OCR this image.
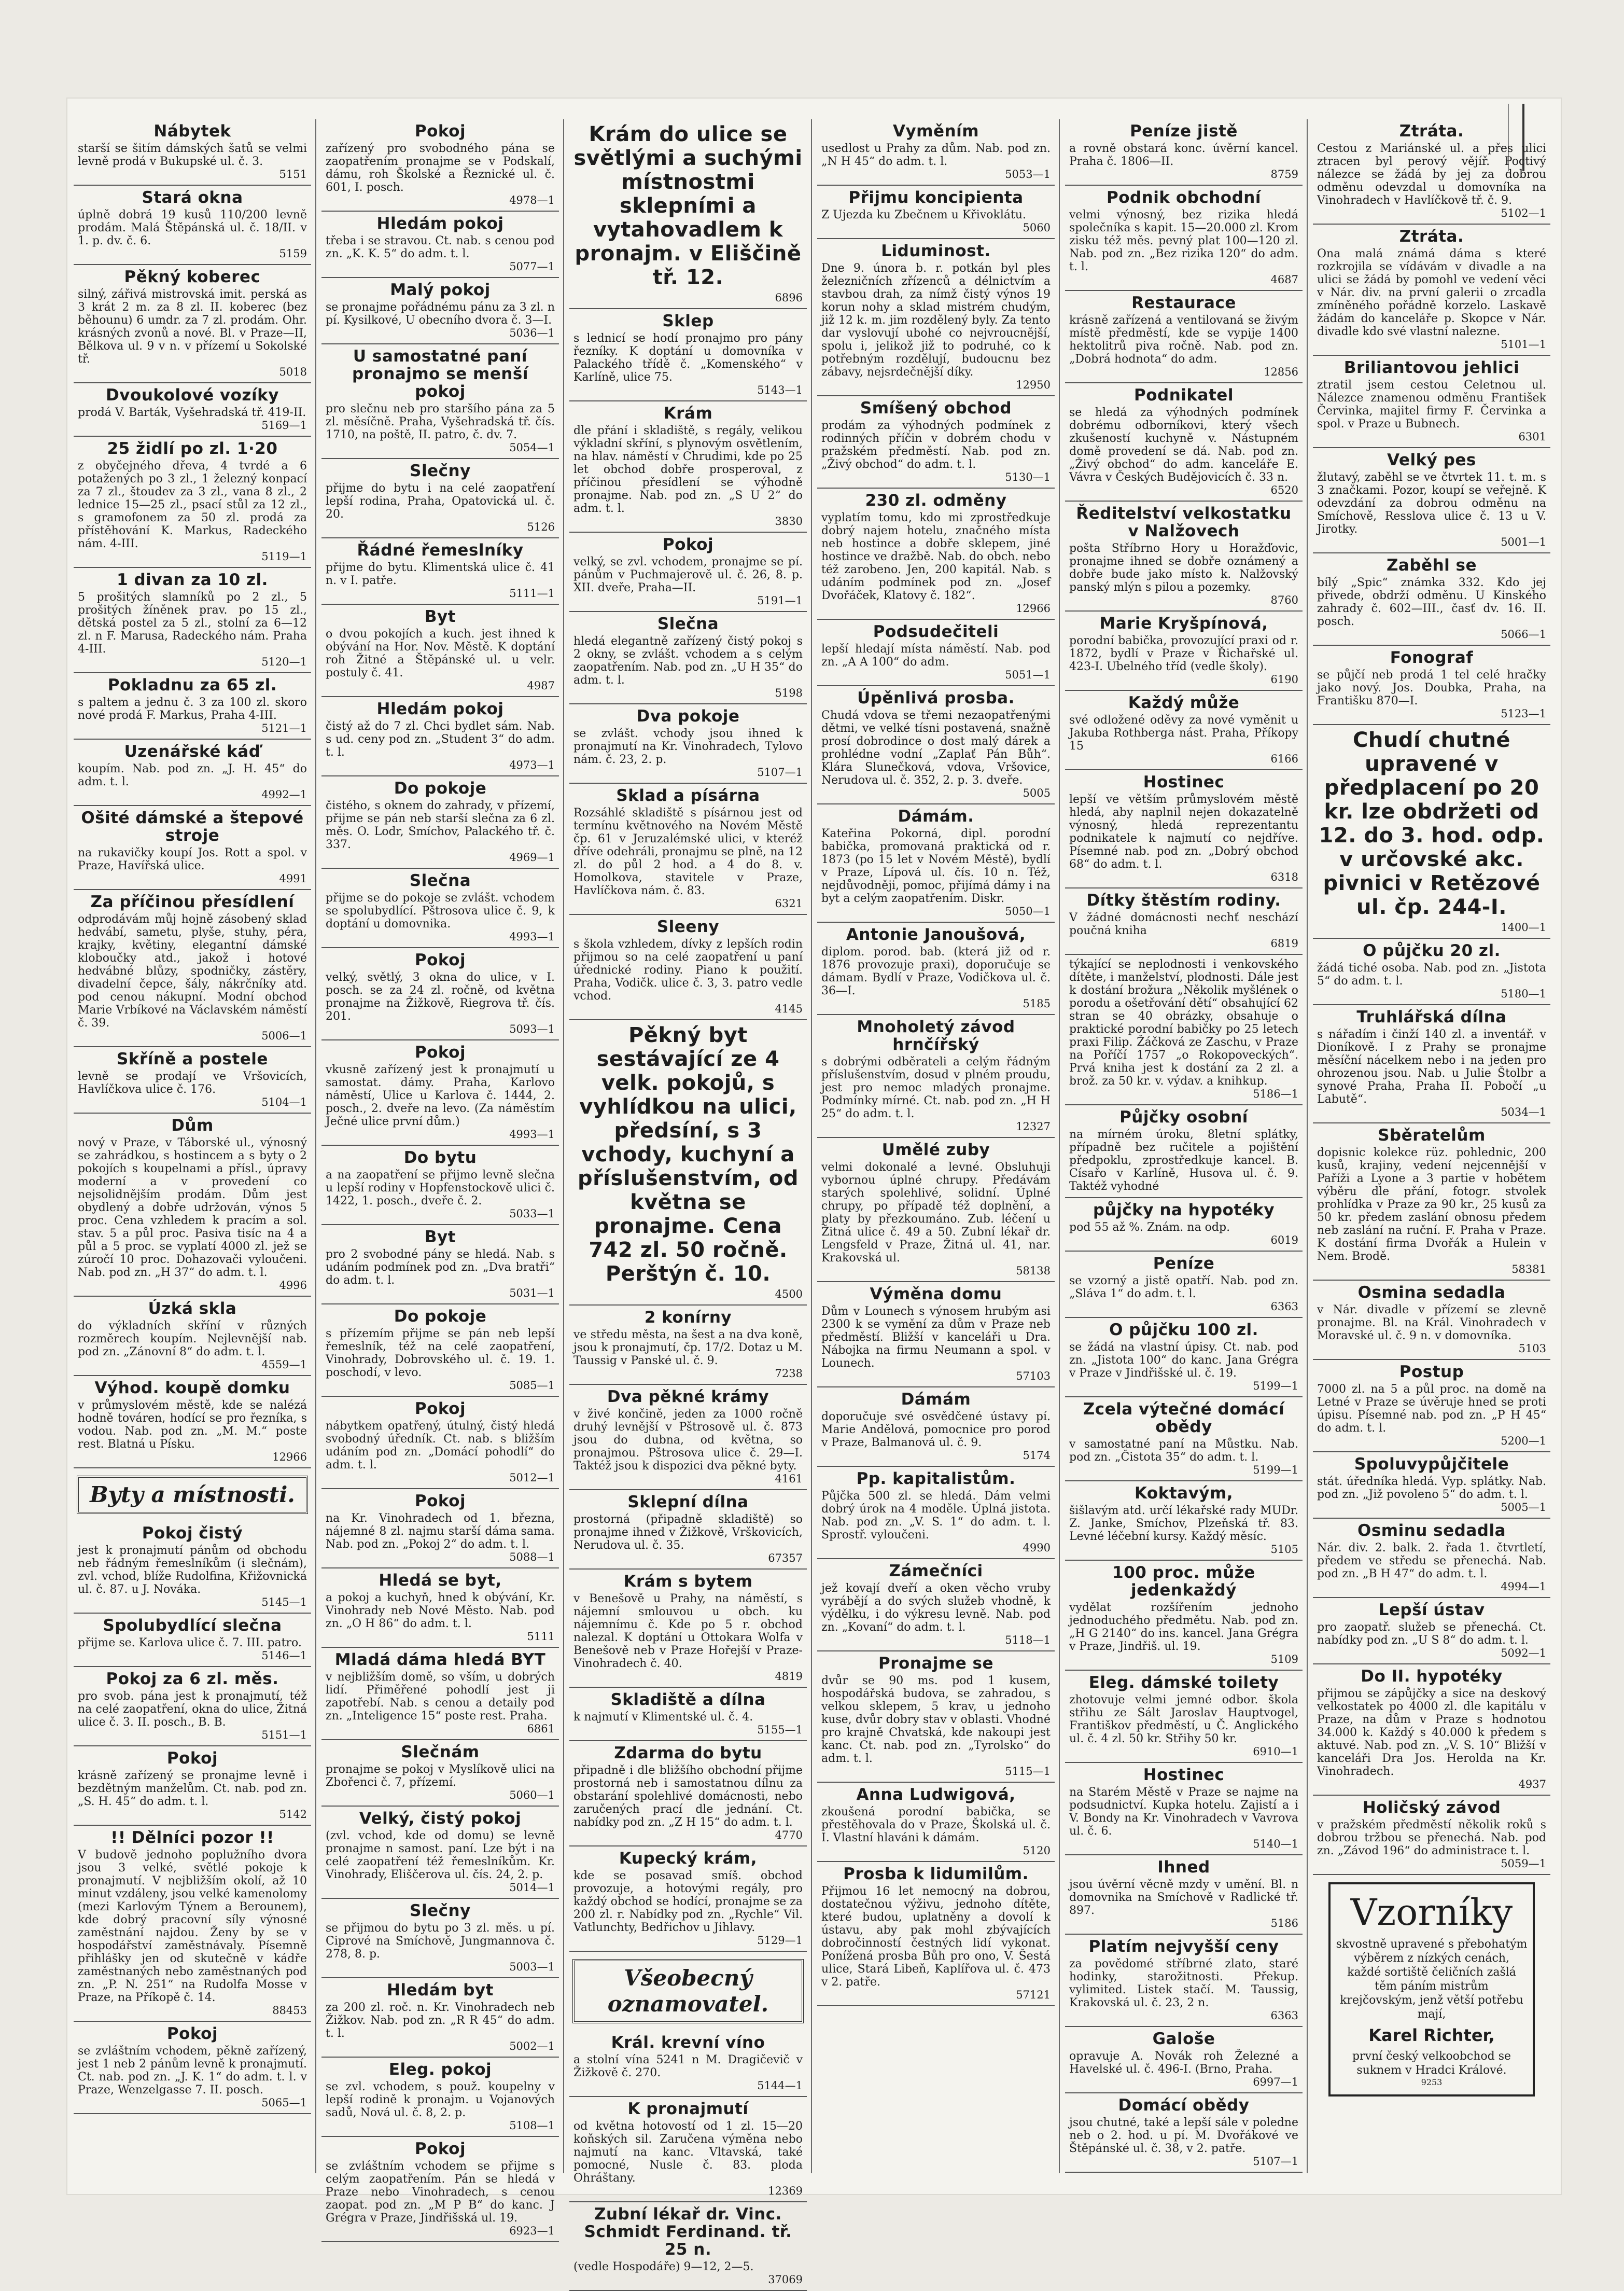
Nábytek

starší se šitím dámských šatů se velmi levně prodá v Bukupské ul. č. 3.

5151
Stará okna

úplně dobrá 19 kusů 110/200 levně prodám. Malá Štěpánská ul. č. 18/II. v 1. p. dv. č. 6.

5159
Pěkný koberec

silný, zářivá mistrovská imit. perská as 3 krát 2 m. za 8 zl. II. koberec (bez běhounu) 6 umdr. za 7 zl. prodám. Ohr. krásných zvonů a nové. Bl. v Praze—II, Bělkova ul. 9 v n. v přízemí u Sokolské tř.

5018
Dvoukolové vozíky

prodá V. Barták, Vyšehradská tř. 419-II.

5169—1
25 židlí po zl. 1·20

z obyčejného dřeva, 4 tvrdé a 6 potažených po 3 zl., 1 železný konpací za 7 zl., štoudev za 3 zl., vana 8 zl., 2 lednice 15—25 zl., psací stůl za 12 zl., s gramofonem za 50 zl. prodá za přístěhování K. Markus, Radeckého nám. 4-III.

5119—1
1 divan za 10 zl.

5 prošitých slamníků po 2 zl., 5 prošitých žíněnek prav. po 15 zl., dětská postel za 5 zl., stolní za 6—12 zl. n F. Marusa, Radeckého nám. Praha 4-III.

5120—1
Pokladnu za 65 zl.

s paltem a jednu č. 3 za 100 zl. skoro nové prodá F. Markus, Praha 4-III.

5121—1
Uzenářské káď

koupím. Nab. pod zn. „J. H. 45“ do adm. t. l.

4992—1
Ošité dámské a štepové stroje

na rukavičky koupí Jos. Rott a spol. v Praze, Havířská ulice.

4991
Za příčinou přesídlení

odprodávám můj hojně zásobený sklad hedvábí, sametu, plyše, stuhy, péra, krajky, květiny, elegantní dámské kloboučky atd., jakož i hotové hedvábné blůzy, spodničky, zástěry, divadelní čepce, šály, nákrčníky atd. pod cenou nákupní. Modní obchod Marie Vrbíkové na Václavském náměstí č. 39.

5006—1
Skříně a postele

levně se prodají ve Vršovicích, Havlíčkova ulice č. 176.

5104—1
Dům

nový v Praze, v Táborské ul., výnosný se zahrádkou, s hostincem a s byty o 2 pokojích s koupelnami a přísl., úpravy moderní a v provedení co nejsolidnějším prodám. Dům jest obydlený a dobře udržován, výnos 5 proc. Cena vzhledem k pracím a sol. stav. 5 a půl proc. Pasiva tisíc na 4 a půl a 5 proc. se vyplatí 4000 zl. jež se zúročí 10 proc. Dohazovači vyloučeni. Nab. pod zn. „H 37“ do adm. t. l.

4996
Úzká skla

do výkladních skříní v různých rozměrech koupím. Nejlevnější nab. pod zn. „Zánovní 8“ do adm. t. l.

4559—1
Výhod. koupě domku

v průmyslovém městě, kde se nalézá hodně továren, hodící se pro řezníka, s vodou. Nab. pod zn. „M. M.“ poste rest. Blatná u Písku.

12966
Byty a místnosti.
Pokoj čistý

jest k pronajmutí pánům od obchodu neb řádným řemeslníkům (i slečnám), zvl. vchod, blíže Rudolfina, Křižovnická ul. č. 87. u J. Nováka.

5145—1
Spolubydlící slečna

přijme se. Karlova ulice č. 7. III. patro.

5146—1
Pokoj za 6 zl. měs.

pro svob. pána jest k pronajmutí, též na celé zaopatření, okna do ulice, Žitná ulice č. 3. II. posch., B. B.

5151—1
Pokoj

krásně zařízený se pronajme levně i bezdětným manželům. Ct. nab. pod zn. „S. H. 45“ do adm. t. l.

5142
!! Dělníci pozor !!

V budově jednoho poplužního dvora jsou 3 velké, světlé pokoje k pronajmutí. V nejbližším okolí, až 10 minut vzdáleny, jsou velké kamenolomy (mezi Karlovým Týnem a Berounem), kde dobrý pracovní síly výnosné zaměstnání najdou. Ženy by se v hospodářství zaměstnávaly. Písemně přihlášky jen od skutečně v kádře zaměstnaných nebo zaměstnaných pod zn. „P. N. 251“ na Rudolfa Mosse v Praze, na Příkopě č. 14.

88453
Pokoj

se zvláštním vchodem, pěkně zařízený, jest 1 neb 2 pánům levně k pronajmutí. Ct. nab. pod zn. „J. K. 1“ do adm. t. l. v Praze, Wenzelgasse 7. II. posch.

5065—1
Pokoj

zařízený pro svobodného pána se zaopatřením pronajme se v Podskalí, dámu, roh Školské a Řeznické ul. č. 601, I. posch.

4978—1
Hledám pokoj

třeba i se stravou. Ct. nab. s cenou pod zn. „K. K. 5“ do adm. t. l.

5077—1
Malý pokoj

se pronajme pořádnému pánu za 3 zl. n pí. Kysilkové, U obecního dvora č. 3—I.

5036—1
U samostatné paní pronajmo se menší pokoj

pro slečnu neb pro staršího pána za 5 zl. měsíčně. Praha, Vyšehradská tř. čís. 1710, na poště, II. patro, č. dv. 7.

5054—1
Slečny

přijme do bytu i na celé zaopatření lepší rodina, Praha, Opatovická ul. č. 20.

5126
Řádné řemeslníky

přijme do bytu. Klimentská ulice č. 41 n. v I. patře.

5111—1
Byt

o dvou pokojích a kuch. jest ihned k obývání na Hor. Nov. Městě. K doptání roh Žitné a Štěpánské ul. u velr. postuly č. 41.

4987
Hledám pokoj

čistý až do 7 zl. Chci bydlet sám. Nab. s ud. ceny pod zn. „Student 3“ do adm. t. l.

4973—1
Do pokoje

čistého, s oknem do zahrady, v přízemí, přijme se pán neb starší slečna za 6 zl. měs. O. Lodr, Smíchov, Palackého tř. č. 337.

4969—1
Slečna

přijme se do pokoje se zvlášt. vchodem se spolubydlící. Pštrosova ulice č. 9, k doptání u domovnika.

4993—1
Pokoj

velký, světlý, 3 okna do ulice, v I. posch. se za 24 zl. ročně, od května pronajme na Žižkově, Riegrova tř. čís. 201.

5093—1
Pokoj

vkusně zařízený jest k pronajmutí u samostat. dámy. Praha, Karlovo náměstí, Ulice u Karlova č. 1444, 2. posch., 2. dveře na levo. (Za náměstím Ječné ulice první dům.)

4993—1
Do bytu

a na zaopatření se přijmo levně slečna u lepší rodiny v Hopfenstockově ulici č. 1422, 1. posch., dveře č. 2.

5033—1
Byt

pro 2 svobodné pány se hledá. Nab. s udáním podmínek pod zn. „Dva bratři“ do adm. t. l.

5031—1
Do pokoje

s přízemím přijme se pán neb lepší řemeslník, též na celé zaopatření, Vinohrady, Dobrovského ul. č. 19. 1. poschodí, v levo.

5085—1
Pokoj

nábytkem opatřený, útulný, čistý hledá svobodný úředník. Ct. nab. s bližším udáním pod zn. „Domácí pohodlí“ do adm. t. l.

5012—1
Pokoj

na Kr. Vinohradech od 1. března, nájemné 8 zl. najmu starší dáma sama. Nab. pod zn. „Pokoj 2“ do adm. t. l.

5088—1
Hledá se byt,

a pokoj a kuchyň, hned k obývání, Kr. Vinohrady neb Nové Město. Nab. pod zn. „O H 86“ do adm. t. l.

5111
Mladá dáma hledá BYT

v nejbližším domě, so vším, u dobrých lidí. Přiměřené pohodlí jest ji zapotřebí. Nab. s cenou a detaily pod zn. „Inteligence 15“ poste rest. Praha.

6861
Slečnám

pronajme se pokoj v Myslíkově ulici na Zbořenci č. 7, přízemí.

5060—1
Velký, čistý pokoj

(zvl. vchod, kde od domu) se levně pronajme n samost. paní. Lze být i na celé zaopatření též řemeslníkům. Kr. Vinohrady, Eliščerova ul. čís. 24, 2. p.

5014—1
Slečny

se přijmou do bytu po 3 zl. měs. u pí. Ciprové na Smíchově, Jungmannova č. 278, 8. p.

5003—1
Hledám byt

za 200 zl. roč. n. Kr. Vinohradech neb Žižkov. Nab. pod zn. „R R 45“ do adm. t. l.

5002—1
Eleg. pokoj

se zvl. vchodem, s použ. koupelny v lepší rodině k pronajm. u Vojanových sadů, Nová ul. č. 8, 2. p.

5108—1
Pokoj

se zvláštním vchodem se přijme s celým zaopatřením. Pán se hledá v Praze nebo Vinohradech, s cenou zaopat. pod zn. „M P B“ do kanc. J Grégra v Praze, Jindřišská ul. 19.

6923—1
Krám do ulice se světlými a suchými místnostmi sklepními a vytahovadlem k pronajm. v Eliščině tř. 12.
6896
Sklep

s lednicí se hodí pronajmo pro pány řezníky. K doptání u domovníka v Palackého třídě č. „Komenského“ v Karlíně, ulice 75.

5143—1
Krám

dle přání i skladiště, s regály, velikou výkladní skříní, s plynovým osvětlením, na hlav. náměstí v Chrudimi, kde po 25 let obchod dobře prosperoval, z příčinou přesídlení se výhodně pronajme. Nab. pod zn. „S U 2“ do adm. t. l.

3830
Pokoj

velký, se zvl. vchodem, pronajme se pí. pánům v Puchmajerově ul. č. 26, 8. p. XII. dveře, Praha—II.

5191—1
Slečna

hledá elegantně zařízený čistý pokoj s 2 okny, se zvlášt. vchodem a s celým zaopatřením. Nab. pod zn. „U H 35“ do adm. t. l.

5198
Dva pokoje

se zvlášt. vchody jsou ihned k pronajmutí na Kr. Vinohradech, Tylovo nám. č. 23, 2. p.

5107—1
Sklad a písárna

Rozsáhlé skladiště s písárnou jest od termínu květnového na Novém Městě čp. 61 v Jeruzalémské ulici, v kteréž dříve odehráli, pronajmu se plně, na 12 zl. do půl 2 hod. a 4 do 8. v. Homolkova, stavitele v Praze, Havlíčkova nám. č. 83.

6321
Sleeny

s škola vzhledem, dívky z lepších rodin přijmou so na celé zaopatření u paní úřednické rodiny. Piano k použití. Praha, Vodičk. ulice č. 3, 3. patro vedle vchod.

4145
Pěkný byt sestávající ze 4 velk. pokojů, s vyhlídkou na ulici, předsíní, s 3 vchody, kuchyní a příslušenstvím, od května se pronajme. Cena 742 zl. 50 ročně. Perštýn č. 10.
4500
2 konírny

ve středu města, na šest a na dva koně, jsou k pronajmutí, čp. 17/2. Dotaz u M. Taussig v Panské ul. č. 9.

7238
Dva pěkné krámy

v živé končině, jeden za 1000 ročně druhý levnější v Pštrosově ul. č. 873 jsou do dubna, od května, so pronajmou. Pštrosova ulice č. 29—I. Taktéž jsou k dispozici dva pěkné byty.

4161
Sklepní dílna

prostorná (připadně skladiště) so pronajme ihned v Žižkově, Vrškovicích, Nerudova ul. č. 35.

67357
Krám s bytem

v Benešově u Prahy, na náměstí, s nájemní smlouvou u obch. ku nájemnímu č. Kde po 5 r. obchod nalezal. K doptání u Ottokara Wolfa v Benešově neb v Praze Hořejší v Praze-Vinohradech č. 40.

4819
Skladiště a dílna

k najmutí v Klimentské ul. č. 4.

5155—1
Zdarma do bytu

připadně i dle bližšího obchodní přijme prostorná neb i samostatnou dílnu za obstarání spolehlivé domácnosti, nebo zaručených prací dle jednání. Ct. nabídky pod zn. „Z H 15“ do adm. t. l.

4770
Kupecký krám,

kde se posavad smíš. obchod provozuje, a hotovými regály, pro každý obchod se hodící, pronajme se za 200 zl. r. Nabídky pod zn. „Rychle“ Vil. Vatlunchty, Bedřichov u Jihlavy.

5129—1
Všeobecný oznamovatel.
Král. krevní víno

a stolní vína 5241 n M. Dragičevič v Žižkově č. 270.

5144—1
K pronajmutí

od května hotovostí od 1 zl. 15—20 koňských sil. Zaručena výměna nebo najmutí na kanc. Vltavská, také pomocné, Nusle č. 83. ploda Ohráštany.

12369
Zubní lékař dr. Vinc. Schmidt Ferdinand. tř. 25 n.

(vedle Hospodáře) 9—12, 2—5.

37069
Vyměním

usedlost u Prahy za dům. Nab. pod zn. „N H 45“ do adm. t. l.

5053—1
Přijmu koncipienta

Z Ujezda ku Zbečnem u Křivoklátu.

5060
Liduminost.

Dne 9. února b. r. potkán byl ples železničních zřízenců a délnictvím a stavbou drah, za nímž čistý výnos 19 korun nohy a sklad mistrém chudým, již 12 k. m. jim rozdělený byly. Za tento dar vyslovují ubohé co nejvroucnější, spolu i, jelikož již to podruhé, co k potřebným rozdělují, budoucnu bez zábavy, nejsrdečnější díky.

12950
Smíšený obchod

prodám za výhodných podmínek z rodinných příčin v dobrém chodu v pražském předměstí. Nab. pod zn. „Živý obchod“ do adm. t. l.

5130—1
230 zl. odměny

vyplatím tomu, kdo mi zprostředkuje dobrý najem hotelu, značného místa neb hostince a dobře sklepem, jiné hostince ve dražbě. Nab. do obch. nebo též zarobeno. Jen, 200 kapitál. Nab. s udáním podmínek pod zn. „Josef Dvořáček, Klatovy č. 182“.

12966
Podsudečiteli

lepší hledají místa náměstí. Nab. pod zn. „A A 100“ do adm.

5051—1
Úpěnlivá prosba.

Chudá vdova se třemi nezaopatřenými dětmi, ve velké tísni postavená, snažně prosí dobrodince o dost malý dárek a prohlédne vodní „Zaplať Pán Bůh“. Klára Slunečková, vdova, Vršovice, Nerudova ul. č. 352, 2. p. 3. dveře.

5005
Dámám.

Kateřina Pokorná, dipl. porodní babička, promovaná praktická od r. 1873 (po 15 let v Novém Městě), bydlí v Praze, Lípová ul. čís. 10 n. Též, nejdůvodněji, pomoc, přijímá dámy i na byt a celým zaopatřením. Diskr.

5050—1
Antonie Janoušová,

diplom. porod. bab. (která již od r. 1876 provozuje praxi), doporučuje se dámam. Bydlí v Praze, Vodičkova ul. č. 36—I.

5185
Mnoholetý závod hrnčířský

s dobrými odběrateli a celým řádným příslušenstvím, dosud v plném proudu, jest pro nemoc mladých pronajme. Podmínky mírné. Ct. nab. pod zn. „H H 25“ do adm. t. l.

12327
Umělé zuby

velmi dokonalé a levné. Obsluhuji vybornou úplné chrupy. Předávám starých spolehlivé, solidní. Úplné chrupy, po případě též doplnění, a platy by přezkoumáno. Zub. léčení u Žitná ulice č. 49 a 50. Zubní lékař dr. Lengsfeld v Praze, Žitná ul. 41, nar. Krakovská ul.

58138
Výměna domu

Dům v Lounech s výnosem hrubým asi 2300 k se vymění za dům v Praze neb předměstí. Bližší v kanceláři u Dra. Nábojka na firmu Neumann a spol. v Lounech.

57103
Dámám

doporučuje své osvědčené ústavy pí. Marie Andělová, pomocnice pro porod v Praze, Balmanová ul. č. 9.

5174
Pp. kapitalistům.

Půjčka 500 zl. se hledá. Dám velmi dobrý úrok na 4 moděle. Úplná jistota. Nab. pod zn. „V. S. 1“ do adm. t. l. Sprostř. vyloučeni.

4990
Zámečníci

jež kovají dveří a oken věcho vruby vyrábějí a do svých služeb vhodně, k výdělku, i do výkresu levně. Nab. pod zn. „Kovaní“ do adm. t. l.

5118—1
Pronajme se

dvůr se 90 ms. pod 1 kusem, hospodářská budova, se zahradou, s velkou sklepem, 5 krav, u jednoho kuse, dvůr dobry stav v oblasti. Vhodné pro krajně Chvatská, kde nakoupi jest kanc. Ct. nab. pod zn. „Tyrolsko“ do adm. t. l.

5115—1
Anna Ludwigová,

zkoušená porodní babička, se přestěhovala do v Praze, Školská ul. č. I. Vlastní hlaváni k dámám.

5120
Prosba k lidumilům.

Přijmou 16 let nemocný na dobrou, dostatečnou výživu, jednoho dítěte, které budou, uplatněny a dovolí k ústavu, aby pak mohl zbývajících dobročinností čestných lidí vykonat. Ponížená prosba Bůh pro ono, V. Šestá ulice, Stará Libeň, Kaplířova ul. č. 473 v 2. patře.

57121
Peníze jistě

a rovně obstará konc. úvěrní kancel. Praha č. 1806—II.

8759
Podnik obchodní

velmi výnosný, bez rizika hledá společníka s kapit. 15—20.000 zl. Krom zisku též měs. pevný plat 100—120 zl. Nab. pod zn. „Bez rizika 120“ do adm. t. l.

4687
Restaurace

krásně zařízená a ventilovaná se živým místě předměstí, kde se vypije 1400 hektolitrů piva ročně. Nab. pod zn. „Dobrá hodnota“ do adm.

12856
Podnikatel

se hledá za výhodných podmínek dobrému odborníkovi, který všech zkušeností kuchyně v. Nástupném domě provedení se dá. Nab. pod zn. „Živý obchod“ do adm. kanceláře E. Vávra v Českých Budějovicích č. 33 n.

6520
Ředitelství velkostatku v Nalžovech

pošta Stříbrno Hory u Horažďovic, pronajme ihned se dobře oznámený a dobře bude jako místo k. Nalžovský panský mlýn s pilou a pozemky.

8760
Marie Kryšpínová,

porodní babička, provozující praxi od r. 1872, bydlí v Praze v Řichařské ul. 423-I. Ubelného tříd (vedle školy).

6190
Každý může

své odložené oděvy za nové vyměnit u Jakuba Rothberga nást. Praha, Příkopy 15

6166
Hostinec

lepší ve větším průmyslovém městě hledá, aby naplnil nejen dokazatelně výnosný, hledá reprezentantu podnikatele k najmutí co nejdříve. Písemné nab. pod zn. „Dobrý obchod 68“ do adm. t. l.

6318
Dítky štěstím rodiny.

V žádné domácnosti nechť neschází poučná kniha

6819

týkající se neplodnosti i venkovského dítěte, i manželství, plodnosti. Dále jest k dostání brožura „Několik myšlének o porodu a ošetřování dětí“ obsahující 62 stran se 40 obrázky, obsahuje o praktické porodní babičky po 25 letech praxi Filip. Žáčková ze Zaschu, v Praze na Poříčí 1757 „o Rokopoveckých“. Prvá kniha jest k dostání za 2 zl. a brož. za 50 kr. v. výdav. a knihkup.

5186—1
Půjčky osobní

na mírném úroku, 8letní splátky, případně bez ručitele a pojištění předpoklu, zprostředkuje kancel. B. Císařo v Karlíně, Husova ul. č. 9. Taktéž vyhodné

půjčky na hypotéky

pod 55 až %. Znám. na odp.

6019
Peníze

se vzorný a jistě opatří. Nab. pod zn. „Sláva 1“ do adm. t. l.

6363
O půjčku 100 zl.

se žádá na vlastní úpisy. Ct. nab. pod zn. „Jistota 100“ do kanc. Jana Grégra v Praze v Jindřišské ul. č. 19.

5199—1
Zcela výtečné domácí obědy

v samostatné paní na Můstku. Nab. pod zn. „Čistota 35“ do adm. t. l.

5199—1
Koktavým,

šišlavým atd. určí lékařské rady MUDr. Z. Janke, Smíchov, Plzeňská tř. 83. Levné léčební kursy. Každý měsíc.

5105
100 proc. může jedenkaždý

vydělat rozšířením jednoho jednoduchého předmětu. Nab. pod zn. „H G 2140“ do ins. kancel. Jana Grégra v Praze, Jindřiš. ul. 19.

5109
Eleg. dámské toilety

zhotovuje velmi jemné odbor. škola střihu ze Sált Jaroslav Hauptvogel, Františkov předměstí, u Č. Anglického ul. č. 4 zl. 50 kr. Střihy 50 kr.

6910—1
Hostinec

na Starém Městě v Praze se najme na podsudnictví. Kupka hotelu. Zajistí a i V. Bondy na Kr. Vinohradech v Vavrova ul. č. 6.

5140—1
Ihned

jsou úvěrní věcně mzdy v umění. Bl. n domovnika na Smíchově v Radlické tř. 897.

5186
Platím nejvyšší ceny

za povědomé stříbrné zlato, staré hodinky, starožitnosti. Překup. vylimited. Listek stačí. M. Taussig, Krakovská ul. č. 23, 2 n.

6363
Galoše

opravuje A. Novák roh Železné a Havelské ul. č. 496-I. (Brno, Praha.

6997—1
Domácí obědy

jsou chutné, také a lepší sále v poledne neb o 2. hod. u pí. M. Dvořákové ve Štěpánské ul. č. 38, v 2. patře.

5107—1
Ztráta.

Cestou z Mariánské ul. a přes ulici ztracen byl perový vějíř. Poctivý nálezce se žádá by jej za dobrou odměnu odevzdal u domovníka na Vinohradech v Havlíčkově tř. č. 9.

5102—1
Ztráta.

Ona malá známá dáma s které rozkrojila se vídávám v divadle a na ulici se žádá by pomohl ve vedení věci v Nár. div. na první galerii o zrcadla zmíněného pořádně korzelo. Laskavě žádám do kanceláře p. Skopce v Nár. divadle kdo své vlastní nalezne.

5101—1
Briliantovou jehlici

ztratil jsem cestou Celetnou ul. Nálezce znamenou odměnu František Červinka, majitel firmy F. Červinka a spol. v Praze u Bubnech.

6301
Velký pes

žlutavý, zaběhl se ve čtvrtek 11. t. m. s 3 značkami. Pozor, koupí se veřejně. K odevzdání za dobrou odměnu na Smíchově, Resslova ulice č. 13 u V. Jirotky.

5001—1
Zaběhl se

bílý „Spic“ známka 332. Kdo jej přivede, obdrží odměnu. U Kinského zahrady č. 602—III., časť dv. 16. II. posch.

5066—1
Fonograf

se půjčí neb prodá 1 tel celé hračky jako nový. Jos. Doubka, Praha, na Františku 870—I.

5123—1
Chudí chutné upravené v předplacení po 20 kr. lze obdržeti od 12. do 3. hod. odp. v určovské akc. pivnici v Retězové ul. čp. 244-I.
1400—1
O půjčku 20 zl.

žádá tiché osoba. Nab. pod zn. „Jistota 5“ do adm. t. l.

5180—1
Truhlářská dílna

s nářadím i činží 140 zl. a inventář. v Dioníkově. I z Prahy se pronajme měsíční nácelkem nebo i na jeden pro ohrozenou jsou. Nab. u Julie Štolbr a synové Praha, Praha II. Pobočí „u Labutě“.

5034—1
Sběratelům

dopisnic kolekce rüz. pohlednic, 200 kusů, krajiny, vedení nejcennější v Paříži a Lyone a 3 partie v hobětem výběru dle přání, fotogr. stvolek prohlídka v Praze za 90 kr., 25 kusů za 50 kr. předem zaslání obnosu předem neb zaslání na ruční. F. Praha v Praze. K dostání firma Dvořák a Hulein v Nem. Brodě.

58381
Osmina sedadla

v Nár. divadle v přízemí se zlevně pronajme. Bl. na Král. Vinohradech v Moravské ul. č. 9 n. v domovníka.

5103
Postup

7000 zl. na 5 a půl proc. na domě na Letné v Praze se úvěruje hned se proti úpisu. Písemné nab. pod zn. „P H 45“ do adm. t. l.

5200—1
Spoluvypůjčitele

stát. úředníka hledá. Vyp. splátky. Nab. pod zn. „Již povoleno 5“ do adm. t. l.

5005—1
Osminu sedadla

Nár. div. 2. balk. 2. řada 1. čtvrtletí, předem ve středu se přenechá. Nab. pod zn. „B H 47“ do adm. t. l.

4994—1
Lepší ústav

pro zaopatř. služeb se přenechá. Ct. nabídky pod zn. „U S 8“ do adm. t. l.

5092—1
Do II. hypotéky

přijmou se zápůjčky a sice na deskový velkostatek po 4000 zl. dle kapitálu v Praze, na dům v Praze s hodnotou 34.000 k. Každý s 40.000 k předem s aktuvé. Nab. pod zn. „V. S. 10“ Bližší v kanceláři Dra Jos. Herolda na Kr. Vinohradech.

4937
Holičský závod

v pražském předměstí několik roků s dobrou tržbou se přenechá. Nab. pod zn. „Závod 196“ do administrace t. l.

5059—1
Vzorníky

skvostně upravené s přebohatým výběrem z nízkých cenách, každé sortiště čeličních zašlá těm páním mistrům krejčovským, jenž větší potřebu mají,

Karel Richter,

první český velkoobchod se suknem v Hradci Králové.

9253
